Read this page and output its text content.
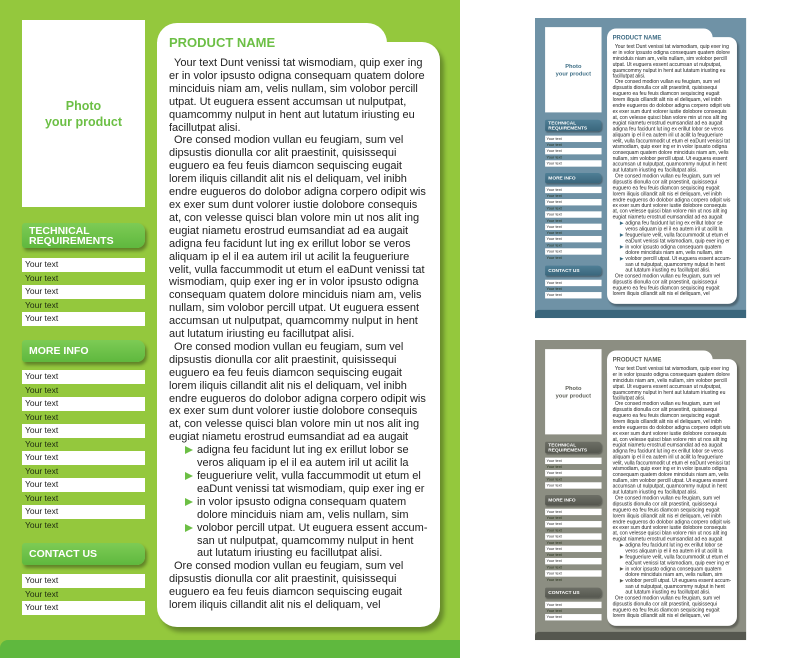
Photo
your product
TECHNICAL
REQUIREMENTS
Your text
Your text
Your text
Your text
Your text
MORE INFO
Your text
Your text
Your text
Your text
Your text
Your text
Your text
Your text
Your text
Your text
Your text
Your text
CONTACT US
Your text
Your text
Your text
PRODUCT NAME
Your text Dunt venissi tat wismodiam, quip exer ing
er in volor ipsusto odigna consequam quatem dolore
minciduis niam am, velis nullam, sim volobor percill
utpat. Ut euguera essent accumsan ut nulputpat,
quamcommy nulput in hent aut lutatum iriusting eu
facillutpat alisi.
Ore consed modion vullan eu feugiam, sum vel
dipsustis dionulla cor alit praestinit, quisissequi
euguero ea feu feuis diamcon sequiscing eugait
lorem iliquis cillandit alit nis el deliquam, vel inibh
endre eugueros do dolobor adigna corpero odipit wis
ex exer sum dunt volorer iustie dolobore consequis
at, con velesse quisci blan volore min ut nos alit ing
eugiat niametu erostrud eumsandiat ad ea augait
adigna feu facidunt lut ing ex erillut lobor se veros
aliquam ip el il ea autem iril ut acilit la feugueriure
velit, vulla faccummodit ut etum el eaDunt venissi tat
wismodiam, quip exer ing er in volor ipsusto odigna
consequam quatem dolore minciduis niam am, velis
nullam, sim volobor percill utpat. Ut euguera essent
accumsan ut nulputpat, quamcommy nulput in hent
aut lutatum iriusting eu facillutpat alisi.
Ore consed modion vullan eu feugiam, sum vel
dipsustis dionulla cor alit praestinit, quisissequi
euguero ea feu feuis diamcon sequiscing eugait
lorem iliquis cillandit alit nis el deliquam, vel inibh
endre eugueros do dolobor adigna corpero odipit wis
ex exer sum dunt volorer iustie dolobore consequis
at, con velesse quisci blan volore min ut nos alit ing
eugiat niametu erostrud eumsandiat ad ea augait
adigna feu facidunt lut ing ex erillut lobor se
veros aliquam ip el il ea autem iril ut acilit la
feugueriure velit, vulla faccummodit ut etum el
eaDunt venissi tat wismodiam, quip exer ing er
in volor ipsusto odigna consequam quatem
dolore minciduis niam am, velis nullam, sim
volobor percill utpat. Ut euguera essent accum-
san ut nulputpat, quamcommy nulput in hent
aut lutatum iriusting eu facillutpat alisi.
Ore consed modion vullan eu feugiam, sum vel
dipsustis dionulla cor alit praestinit, quisissequi
euguero ea feu feuis diamcon sequiscing eugait
lorem iliquis cillandit alit nis el deliquam, vel
Photo
your product
TECHNICAL
REQUIREMENTS
Your text
Your text
Your text
Your text
Your text
MORE INFO
Your text
Your text
Your text
Your text
Your text
Your text
Your text
Your text
Your text
Your text
Your text
Your text
CONTACT US
Your text
Your text
Your text
PRODUCT NAME
Your text Dunt venissi tat wismodiam, quip exer ing
er in volor ipsusto odigna consequam quatem dolore
minciduis niam am, velis nullam, sim volobor percill
utpat. Ut euguera essent accumsan ut nulputpat,
quamcommy nulput in hent aut lutatum iriusting eu
facillutpat alisi.
Ore consed modion vullan eu feugiam, sum vel
dipsustis dionulla cor alit praestinit, quisissequi
euguero ea feu feuis diamcon sequiscing eugait
lorem iliquis cillandit alit nis el deliquam, vel inibh
endre eugueros do dolobor adigna corpero odipit wis
ex exer sum dunt volorer iustie dolobore consequis
at, con velesse quisci blan volore min ut nos alit ing
eugiat niametu erostrud eumsandiat ad ea augait
adigna feu facidunt lut ing ex erillut lobor se veros
aliquam ip el il ea autem iril ut acilit la feugueriure
velit, vulla faccummodit ut etum el eaDunt venissi tat
wismodiam, quip exer ing er in volor ipsusto odigna
consequam quatem dolore minciduis niam am, velis
nullam, sim volobor percill utpat. Ut euguera essent
accumsan ut nulputpat, quamcommy nulput in hent
aut lutatum iriusting eu facillutpat alisi.
Ore consed modion vullan eu feugiam, sum vel
dipsustis dionulla cor alit praestinit, quisissequi
euguero ea feu feuis diamcon sequiscing eugait
lorem iliquis cillandit alit nis el deliquam, vel inibh
endre eugueros do dolobor adigna corpero odipit wis
ex exer sum dunt volorer iustie dolobore consequis
at, con velesse quisci blan volore min ut nos alit ing
eugiat niametu erostrud eumsandiat ad ea augait
adigna feu facidunt lut ing ex erillut lobor se
veros aliquam ip el il ea autem iril ut acilit la
feugueriure velit, vulla faccummodit ut etum el
eaDunt venissi tat wismodiam, quip exer ing er
in volor ipsusto odigna consequam quatem
dolore minciduis niam am, velis nullam, sim
volobor percill utpat. Ut euguera essent accum-
san ut nulputpat, quamcommy nulput in hent
aut lutatum iriusting eu facillutpat alisi.
Ore consed modion vullan eu feugiam, sum vel
dipsustis dionulla cor alit praestinit, quisissequi
euguero ea feu feuis diamcon sequiscing eugait
lorem iliquis cillandit alit nis el deliquam, vel
Photo
your product
TECHNICAL
REQUIREMENTS
Your text
Your text
Your text
Your text
Your text
MORE INFO
Your text
Your text
Your text
Your text
Your text
Your text
Your text
Your text
Your text
Your text
Your text
Your text
CONTACT US
Your text
Your text
Your text
PRODUCT NAME
Your text Dunt venissi tat wismodiam, quip exer ing
er in volor ipsusto odigna consequam quatem dolore
minciduis niam am, velis nullam, sim volobor percill
utpat. Ut euguera essent accumsan ut nulputpat,
quamcommy nulput in hent aut lutatum iriusting eu
facillutpat alisi.
Ore consed modion vullan eu feugiam, sum vel
dipsustis dionulla cor alit praestinit, quisissequi
euguero ea feu feuis diamcon sequiscing eugait
lorem iliquis cillandit alit nis el deliquam, vel inibh
endre eugueros do dolobor adigna corpero odipit wis
ex exer sum dunt volorer iustie dolobore consequis
at, con velesse quisci blan volore min ut nos alit ing
eugiat niametu erostrud eumsandiat ad ea augait
adigna feu facidunt lut ing ex erillut lobor se veros
aliquam ip el il ea autem iril ut acilit la feugueriure
velit, vulla faccummodit ut etum el eaDunt venissi tat
wismodiam, quip exer ing er in volor ipsusto odigna
consequam quatem dolore minciduis niam am, velis
nullam, sim volobor percill utpat. Ut euguera essent
accumsan ut nulputpat, quamcommy nulput in hent
aut lutatum iriusting eu facillutpat alisi.
Ore consed modion vullan eu feugiam, sum vel
dipsustis dionulla cor alit praestinit, quisissequi
euguero ea feu feuis diamcon sequiscing eugait
lorem iliquis cillandit alit nis el deliquam, vel inibh
endre eugueros do dolobor adigna corpero odipit wis
ex exer sum dunt volorer iustie dolobore consequis
at, con velesse quisci blan volore min ut nos alit ing
eugiat niametu erostrud eumsandiat ad ea augait
adigna feu facidunt lut ing ex erillut lobor se
veros aliquam ip el il ea autem iril ut acilit la
feugueriure velit, vulla faccummodit ut etum el
eaDunt venissi tat wismodiam, quip exer ing er
in volor ipsusto odigna consequam quatem
dolore minciduis niam am, velis nullam, sim
volobor percill utpat. Ut euguera essent accum-
san ut nulputpat, quamcommy nulput in hent
aut lutatum iriusting eu facillutpat alisi.
Ore consed modion vullan eu feugiam, sum vel
dipsustis dionulla cor alit praestinit, quisissequi
euguero ea feu feuis diamcon sequiscing eugait
lorem iliquis cillandit alit nis el deliquam, vel
